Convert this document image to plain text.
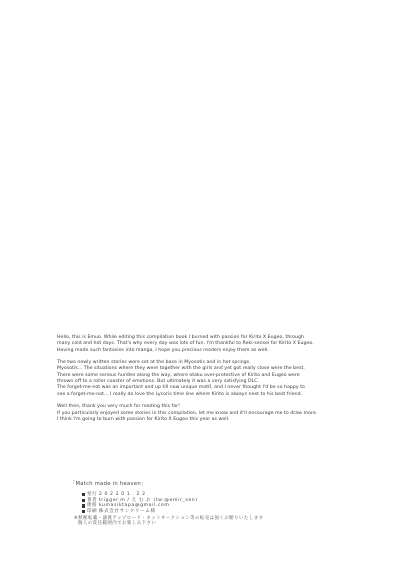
Hello, this is Emuo. While editing this compilation book I burned with passion for Kirito X Eugeo, through
many cold and hot days. That's why every day was lots of fun. I'm thankful to Reki-sensei for Kirito X Eugeo.
Having made such fantasies into manga, I hope you precious readers enjoy them as well.

The two newly written stories were set at the base in Myosotis and in hot springs.
Myosotis... The situations where they were together with the girls and yet got really close were the best.
There were some serious hurdles along the way, where otaku over-protective of Kirito and Eugeo were
thrown off to a roller coaster of emotions. But ultimately it was a very satisfying DLC.
The forget-me-not was an important and up till now unique motif, and I never thought I'd be so happy to
see a forget-me-not... I really do love the Lycoris time line where Kirito is always next to his best friend.

Well then, thank you very much for reading this far!
If you particularly enjoyed some stories in this compilation, let me know and it'll encourage me to draw more.
I think I'm going to burn with passion for Kirito X Eugeo this year as well.

「Match made in heaven」
発行 2 0 2 2 0 1 . 2 2
著者 trigger.m / え む お (tw:@emir_sen)
連絡 kumasiktapa@gmail.com
印刷 株式会社サンクリーム様
※無断転載・譲渡アップロード・ネットオークション等の転売は固くお断りいたします
個人の責任範囲内でお楽しみ下さい
